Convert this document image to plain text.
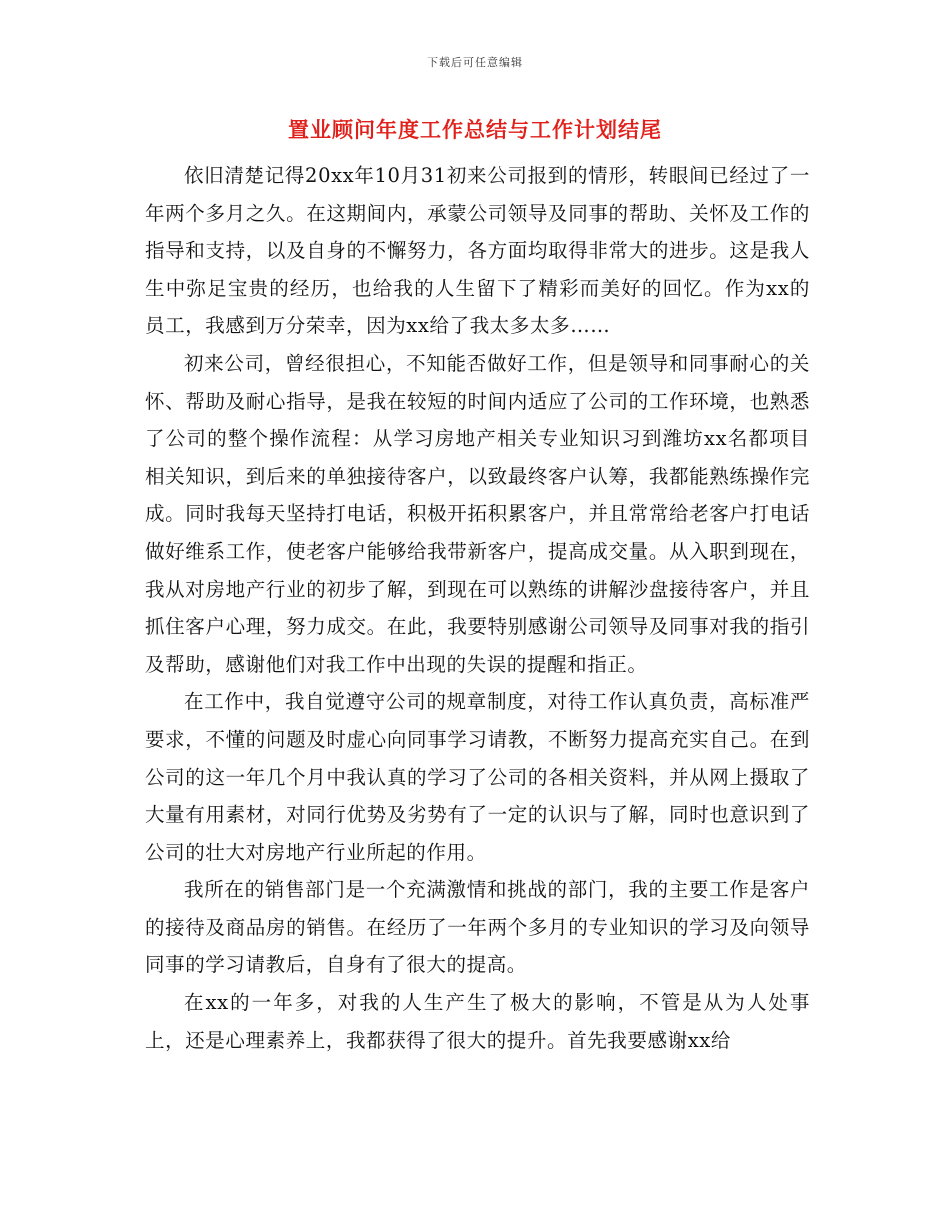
下载后可任意编辑
置业顾问年度工作总结与工作计划结尾

依旧清楚记得20xx年10月31初来公司报到的情形，转眼间已经过了一年两个多月之久。在这期间内，承蒙公司领导及同事的帮助、关怀及工作的指导和支持，以及自身的不懈努力，各方面均取得非常大的进步。这是我人生中弥足宝贵的经历，也给我的人生留下了精彩而美好的回忆。作为xx的员工，我感到万分荣幸，因为xx给了我太多太多……

初来公司，曾经很担心，不知能否做好工作，但是领导和同事耐心的关怀、帮助及耐心指导，是我在较短的时间内适应了公司的工作环境，也熟悉了公司的整个操作流程：从学习房地产相关专业知识习到潍坊xx名都项目相关知识，到后来的单独接待客户，以致最终客户认筹，我都能熟练操作完成。同时我每天坚持打电话，积极开拓积累客户，并且常常给老客户打电话做好维系工作，使老客户能够给我带新客户，提高成交量。从入职到现在，我从对房地产行业的初步了解，到现在可以熟练的讲解沙盘接待客户，并且抓住客户心理，努力成交。在此，我要特别感谢公司领导及同事对我的指引及帮助，感谢他们对我工作中出现的失误的提醒和指正。

在工作中，我自觉遵守公司的规章制度，对待工作认真负责，高标准严要求，不懂的问题及时虚心向同事学习请教，不断努力提高充实自己。在到公司的这一年几个月中我认真的学习了公司的各相关资料，并从网上摄取了大量有用素材，对同行优势及劣势有了一定的认识与了解，同时也意识到了公司的壮大对房地产行业所起的作用。

我所在的销售部门是一个充满激情和挑战的部门，我的主要工作是客户的接待及商品房的销售。在经历了一年两个多月的专业知识的学习及向领导同事的学习请教后，自身有了很大的提高。

在xx的一年多，对我的人生产生了极大的影响，不管是从为人处事上，还是心理素养上，我都获得了很大的提升。首先我要感谢xx给
